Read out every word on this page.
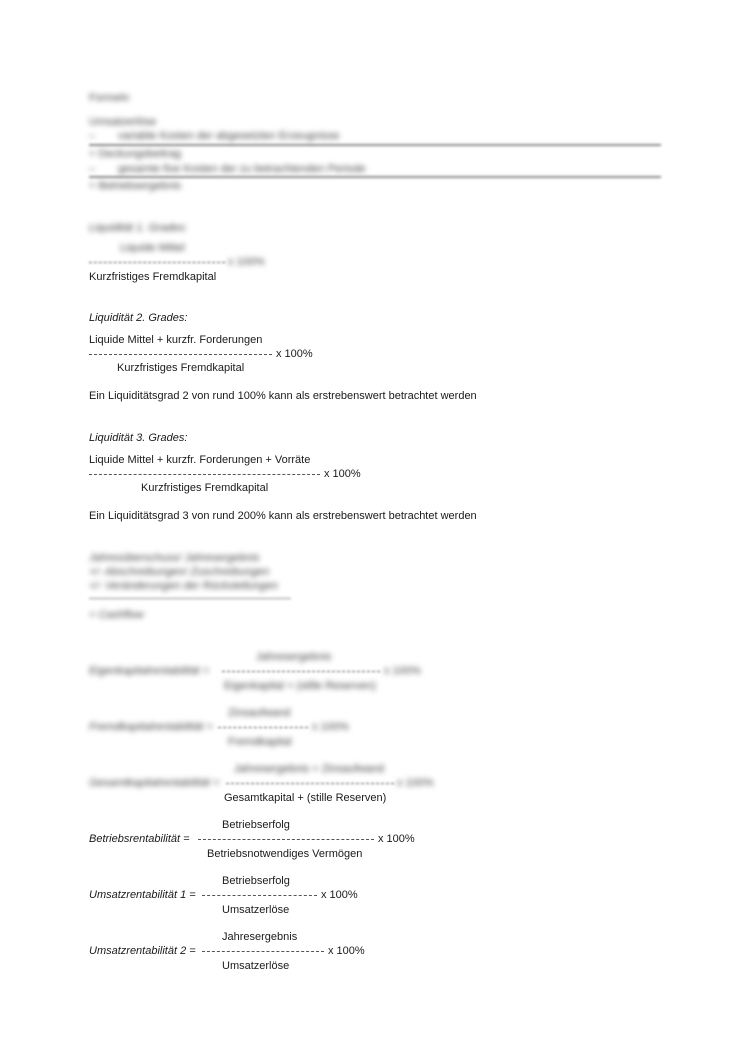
Formeln
Umsatzerlöse
– variable Kosten der abgesetzten Erzeugnisse
= Deckungsbeitrag
– gesamte fixe Kosten der zu betrachtenden Periode
= Betriebsergebnis
Liquidität 1. Grades:
Liquide Mittel
x 100%
Kurzfristiges Fremdkapital
Liquidität 2. Grades:
Liquide Mittel + kurzfr. Forderungen
x 100%
Kurzfristiges Fremdkapital
Ein Liquiditätsgrad 2 von rund 100% kann als erstrebenswert betrachtet werden
Liquidität 3. Grades:
Liquide Mittel + kurzfr. Forderungen + Vorräte
x 100%
Kurzfristiges Fremdkapital
Ein Liquiditätsgrad 3 von rund 200% kann als erstrebenswert betrachtet werden
Jahresüberschuss/ Jahresergebnis
+/- Abschreibungen/ Zuschreibungen
+/- Veränderungen der Rückstellungen
= Cashflow
Jahresergebnis
Eigenkapitalrentabilität =	x 100%
Eigenkapital + (stille Reserven)
Zinsaufwand
Fremdkapitalrentabilität =	x 100%
Fremdkapital
Jahresergebnis + Zinsaufwand
Gesamtkapitalrentabilität =	x 100%
Gesamtkapital + (stille Reserven)
Betriebserfolg
Betriebsrentabilität =	x 100%
Betriebsnotwendiges Vermögen
Betriebserfolg
Umsatzrentabilität 1 =	x 100%
Umsatzerlöse
Jahresergebnis
Umsatzrentabilität 2 =	x 100%
Umsatzerlöse
